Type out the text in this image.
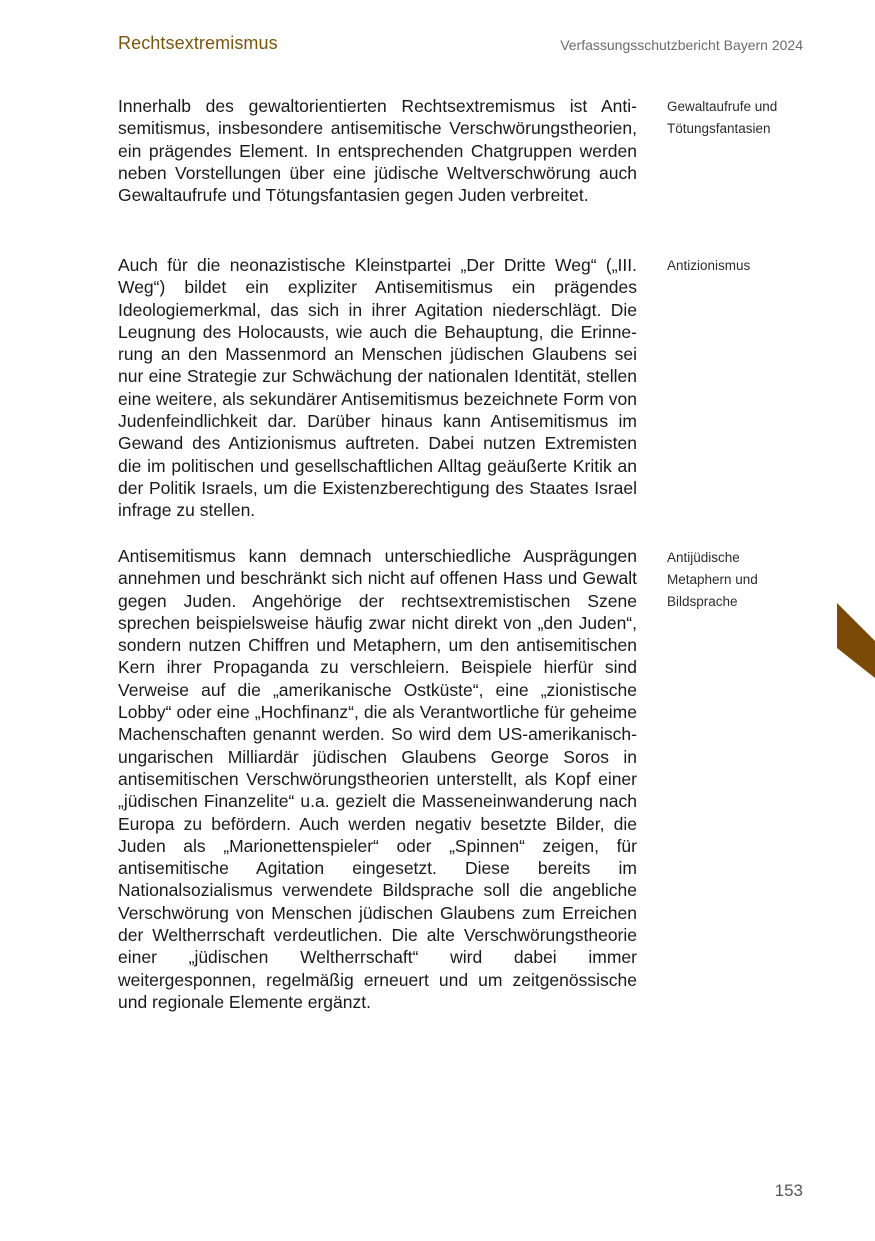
Rechtsextremismus	Verfassungsschutzbericht Bayern 2024

Innerhalb des gewaltorientierten Rechtsextremismus ist Antisemitismus, insbesondere antisemitische Verschwörungstheorien, ein prägendes Element. In entsprechenden Chatgruppen werden neben Vorstellungen über eine jüdische Weltverschwörung auch Gewaltaufrufe und Tötungsfantasien gegen Juden verbreitet.

Auch für die neonazistische Kleinstpartei „Der Dritte Weg“ („III. Weg“) bildet ein expliziter Antisemitismus ein prägendes Ideologiemerkmal, das sich in ihrer Agitation niederschlägt. Die Leugnung des Holocausts, wie auch die Behauptung, die Erinnerung an den Massenmord an Menschen jüdischen Glaubens sei nur eine Strategie zur Schwächung der nationalen Identität, stellen eine weitere, als sekundärer Antisemitismus bezeichnete Form von Judenfeindlichkeit dar. Darüber hinaus kann Antisemitismus im Gewand des Antizionismus auftreten. Dabei nutzen Extremisten die im politischen und gesellschaftlichen Alltag geäußerte Kritik an der Politik Israels, um die Existenzberechtigung des Staates Israel infrage zu stellen.

Antisemitismus kann demnach unterschiedliche Ausprägungen annehmen und beschränkt sich nicht auf offenen Hass und Gewalt gegen Juden. Angehörige der rechtsextremistischen Szene sprechen beispielsweise häufig zwar nicht direkt von „den Juden“, sondern nutzen Chiffren und Metaphern, um den antisemitischen Kern ihrer Propaganda zu verschleiern. Beispiele hierfür sind Verweise auf die „amerikanische Ostküste“, eine „zionistische Lobby“ oder eine „Hochfinanz“, die als Verantwortliche für geheime Machenschaften genannt werden. So wird dem US-amerikanisch-ungarischen Milliardär jüdischen Glaubens George Soros in antisemitischen Verschwörungstheorien unterstellt, als Kopf einer „jüdischen Finanzelite“ u.a. gezielt die Masseneinwanderung nach Europa zu befördern. Auch werden negativ besetzte Bilder, die Juden als „Marionettenspieler“ oder „Spinnen“ zeigen, für antisemitische Agitation eingesetzt. Diese bereits im Nationalsozialismus verwendete Bildsprache soll die angebliche Verschwörung von Menschen jüdischen Glaubens zum Erreichen der Weltherrschaft verdeutlichen. Die alte Verschwörungstheorie einer „jüdischen Weltherrschaft“ wird dabei immer weitergesponnen, regelmäßig erneuert und um zeitgenössische und regionale Elemente ergänzt.

Gewaltaufrufe und
Tötungsfantasien
Antizionismus
Antijüdische
Metaphern und
Bildsprache
153
